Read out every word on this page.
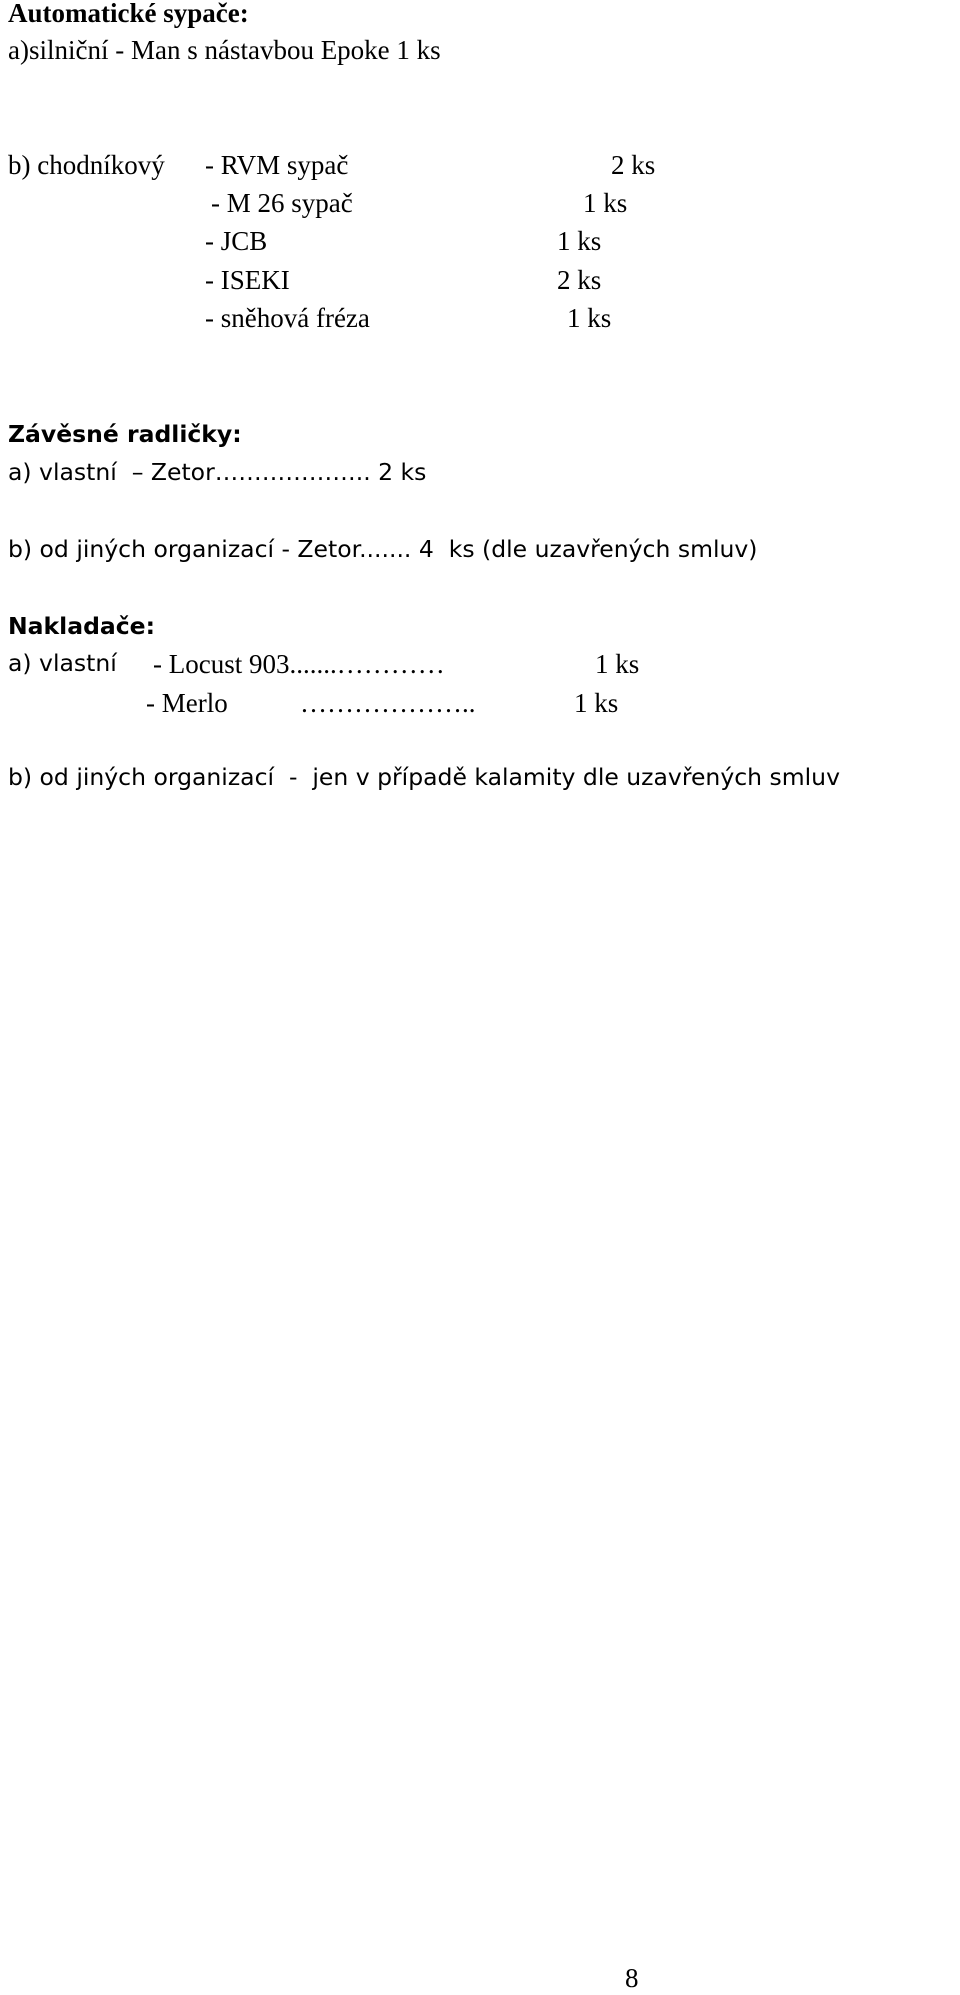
Automatické sypače:
a)silniční - Man s nástavbou Epoke 1 ks
b) chodníkový - RVM sypač	2 ks
- M 26 sypač	1 ks
- JCB	1 ks
- ISEKI	2 ks
- sněhová fréza	1 ks
Závěsné radličky:
a) vlastní  – Zetor……………….. 2 ks
b) od jiných organizací - Zetor....... 4  ks (dle uzavřených smluv)
Nakladače:
a) vlastní - Locust 903.......…………	1 ks
- Merlo	………………..	1 ks
b) od jiných organizací  -  jen v případě kalamity dle uzavřených smluv
8
